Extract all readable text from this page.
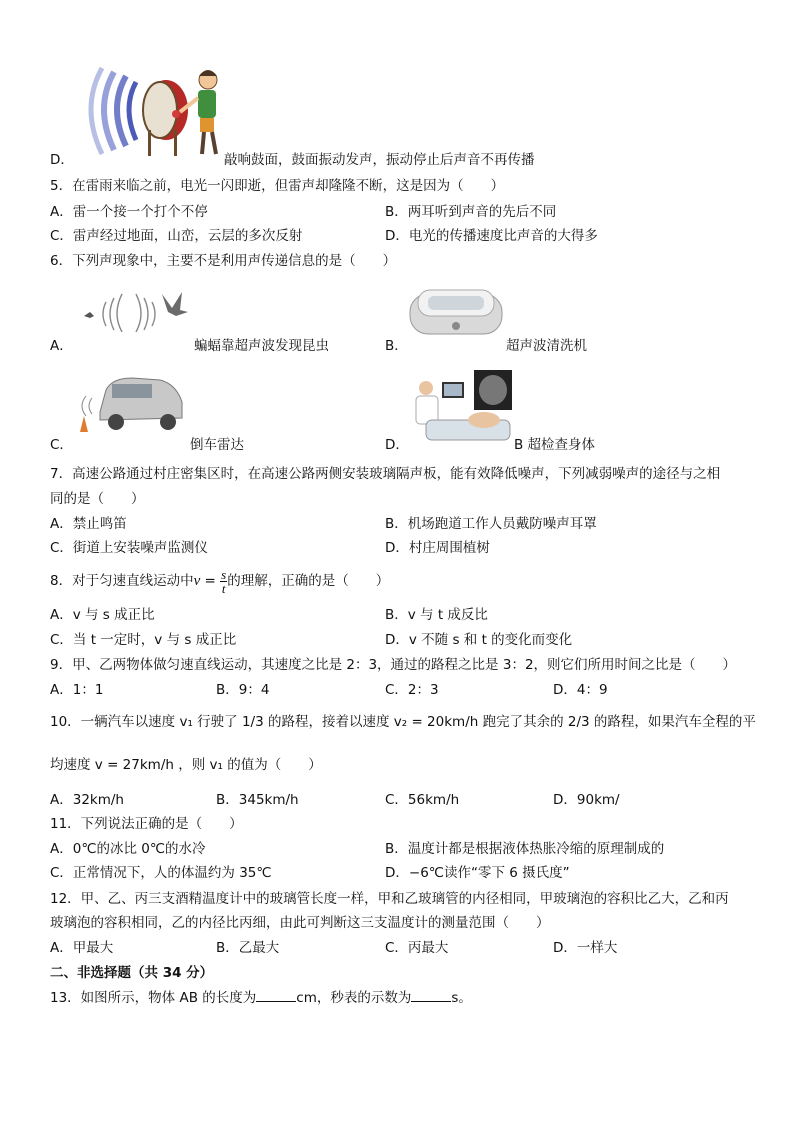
D．	敲响鼓面，鼓面振动发声，振动停止后声音不再传播
5．在雷雨来临之前，电光一闪即逝，但雷声却隆隆不断，这是因为（　　）
A．雷一个接一个打个不停	B．两耳听到声音的先后不同
C．雷声经过地面，山峦，云层的多次反射	D．电光的传播速度比声音的大得多
6．下列声现象中，主要不是利用声传递信息的是（　　）
A．	蝙蝠靠超声波发现昆虫	B．	超声波清洗机
C．	倒车雷达	D．	B 超检查身体
7．高速公路通过村庄密集区时，在高速公路两侧安装玻璃隔声板，能有效降低噪声，下列减弱噪声的途径与之相
同的是（　　）
A．禁止鸣笛	B．机场跑道工作人员戴防噪声耳罩
C．街道上安装噪声监测仪	D．村庄周围植树
8．对于匀速直线运动中$v = \frac{s}{t}$ 的理解，正确的是（　　）
A．v 与 s 成正比	B．v 与 t 成反比
C．当 t 一定时，v 与 s 成正比	D．v 不随 s 和 t 的变化而变化
9．甲、乙两物体做匀速直线运动，其速度之比是 2：3，通过的路程之比是 3：2，则它们所用时间之比是（　　）
A．1：1	B．9：4	C．2：3	D．4：9
10．一辆汽车以速度 v₁ 行驶了 1/3 的路程，接着以速度 v₂ = 20km/h 跑完了其余的 2/3 的路程，如果汽车全程的平
均速度 v = 27km/h ，则 v₁ 的值为（　　）
A．32km/h	B．345km/h	C．56km/h	D．90km/
11．下列说法正确的是（　　）
A．0℃的冰比 0℃的水冷	B．温度计都是根据液体热胀冷缩的原理制成的
C．正常情况下，人的体温约为 35℃	D．−6℃读作“零下 6 摄氏度”
12．甲、乙、丙三支酒精温度计中的玻璃管长度一样，甲和乙玻璃管的内径相同，甲玻璃泡的容积比乙大，乙和丙
玻璃泡的容积相同，乙的内径比丙细，由此可判断这三支温度计的测量范围（　　）
A．甲最大	B．乙最大	C．丙最大	D．一样大
二、非选择题（共 34 分）
13．如图所示，物体 AB 的长度为	cm，秒表的示数为	s。
